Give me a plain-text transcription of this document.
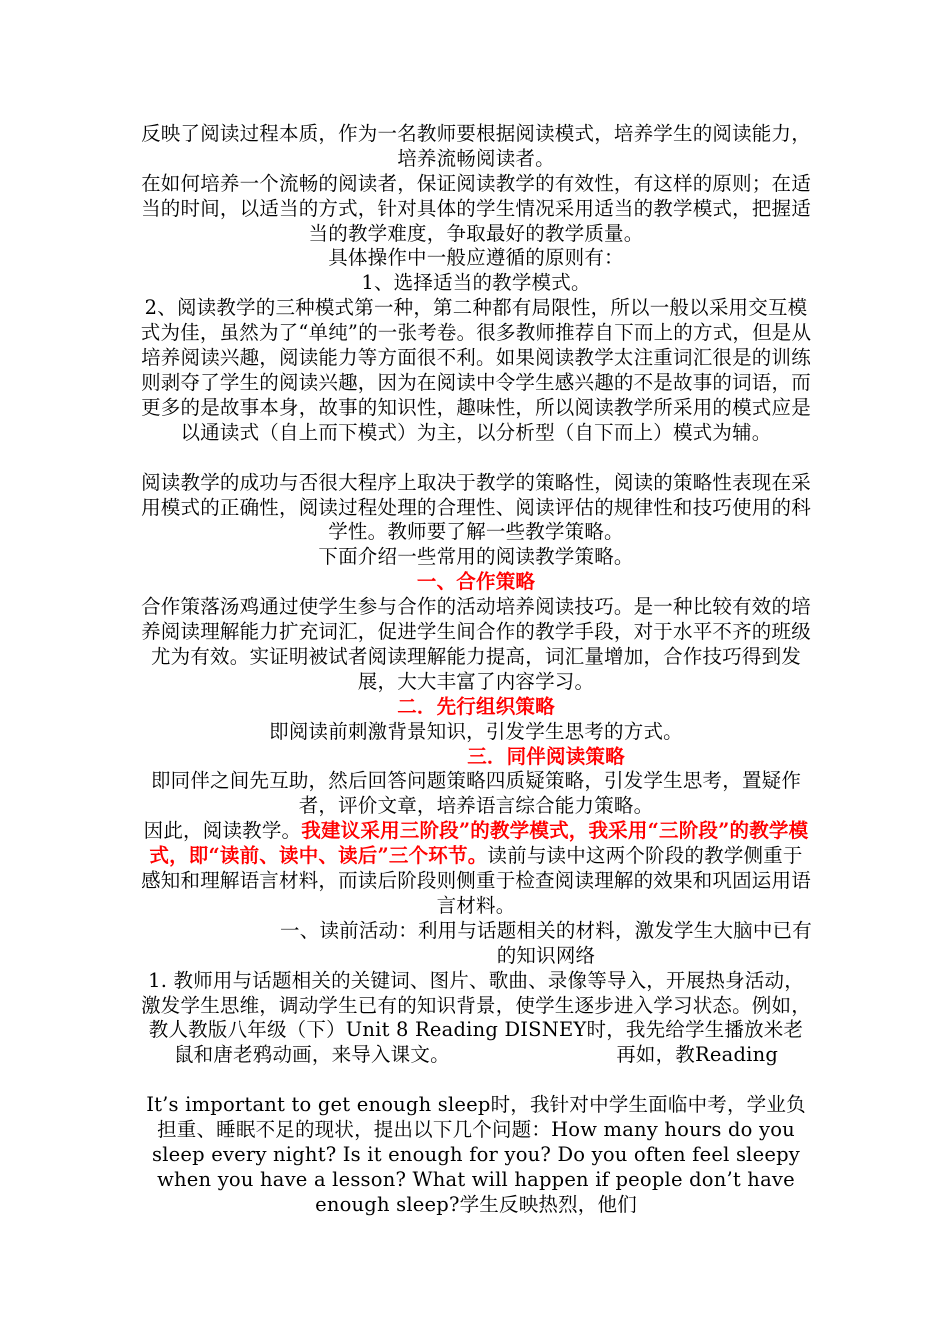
反映了阅读过程本质，作为一名教师要根据阅读模式，培养学生的阅读能力，培养流畅阅读者。

在如何培养一个流畅的阅读者，保证阅读教学的有效性，有这样的原则；在适当的时间，以适当的方式，针对具体的学生情况采用适当的教学模式，把握适当的教学难度，争取最好的教学质量。

具体操作中一般应遵循的原则有：

1、选择适当的教学模式。

2、阅读教学的三种模式第一种，第二种都有局限性，所以一般以采用交互模式为佳，虽然为了“单纯”的一张考卷。很多教师推荐自下而上的方式，但是从培养阅读兴趣，阅读能力等方面很不利。如果阅读教学太注重词汇很是的训练则剥夺了学生的阅读兴趣，因为在阅读中令学生感兴趣的不是故事的词语，而更多的是故事本身，故事的知识性，趣味性，所以阅读教学所采用的模式应是以通读式（自上而下模式）为主，以分析型（自下而上）模式为辅。

阅读教学的成功与否很大程序上取决于教学的策略性，阅读的策略性表现在采用模式的正确性，阅读过程处理的合理性、阅读评估的规律性和技巧使用的科学性。教师要了解一些教学策略。

下面介绍一些常用的阅读教学策略。

一、合作策略

合作策落汤鸡通过使学生参与合作的活动培养阅读技巧。是一种比较有效的培养阅读理解能力扩充词汇，促进学生间合作的教学手段，对于水平不齐的班级尤为有效。实证明被试者阅读理解能力提高，词汇量增加，合作技巧得到发展，大大丰富了内容学习。

二．先行组织策略

即阅读前刺激背景知识，引发学生思考的方式。

三．同伴阅读策略

即同伴之间先互助，然后回答问题策略四质疑策略，引发学生思考，置疑作者，评价文章，培养语言综合能力策略。

因此，阅读教学。我建议采用三阶段”的教学模式，我采用“三阶段”的教学模式，即“读前、读中、读后”三个环节。读前与读中这两个阶段的教学侧重于感知和理解语言材料，而读后阶段则侧重于检查阅读理解的效果和巩固运用语言材料。

一、读前活动：利用与话题相关的材料，激发学生大脑中已有的知识网络

1. 教师用与话题相关的关键词、图片、歌曲、录像等导入，开展热身活动，激发学生思维，调动学生已有的知识背景，使学生逐步进入学习状态。例如，教人教版八年级（下）Unit 8 Reading DISNEY时，我先给学生播放米老鼠和唐老鸦动画，来导入课文。	再如，教Reading

It’s important to get enough sleep时，我针对中学生面临中考，学业负担重、睡眠不足的现状，提出以下几个问题：How many hours do you sleep every night? Is it enough for you? Do you often feel sleepy when you have a lesson? What will happen if people don’t have enough sleep?学生反映热烈，他们
